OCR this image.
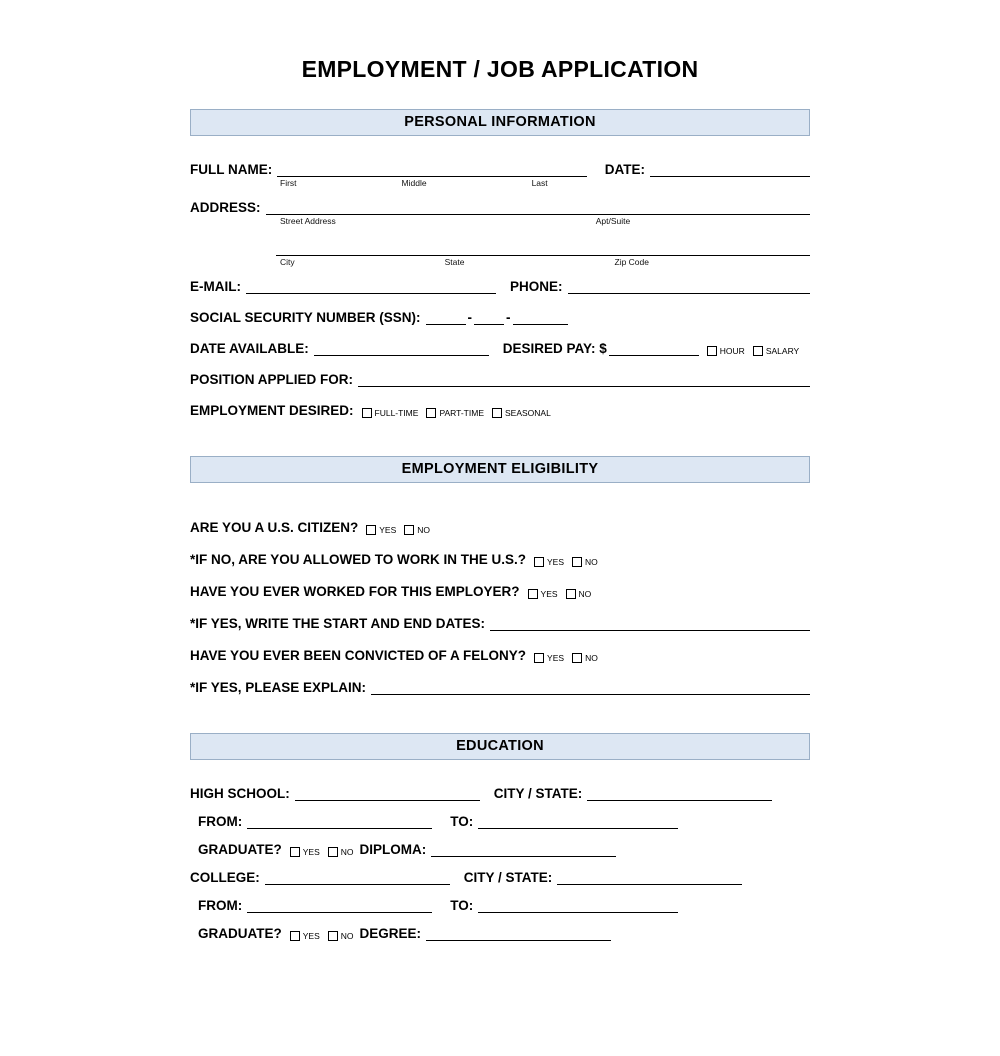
EMPLOYMENT / JOB APPLICATION
PERSONAL INFORMATION
FULL NAME:	DATE:
First	Middle	Last
ADDRESS:
Street Address	Apt/Suite
City	State	Zip Code
E-MAIL:	PHONE:
SOCIAL SECURITY NUMBER (SSN):	-	-
DATE AVAILABLE:	DESIRED PAY: $	HOUR SALARY
POSITION APPLIED FOR:
EMPLOYMENT DESIRED: FULL-TIME PART-TIME SEASONAL
EMPLOYMENT ELIGIBILITY
ARE YOU A U.S. CITIZEN? YES NO
*IF NO, ARE YOU ALLOWED TO WORK IN THE U.S.? YES NO
HAVE YOU EVER WORKED FOR THIS EMPLOYER? YES NO
*IF YES, WRITE THE START AND END DATES:
HAVE YOU EVER BEEN CONVICTED OF A FELONY? YES NO
*IF YES, PLEASE EXPLAIN:
EDUCATION
HIGH SCHOOL:	CITY / STATE:
FROM:	TO:
GRADUATE? YES NO DIPLOMA:
COLLEGE:	CITY / STATE:
FROM:	TO:
GRADUATE? YES NO DEGREE:
